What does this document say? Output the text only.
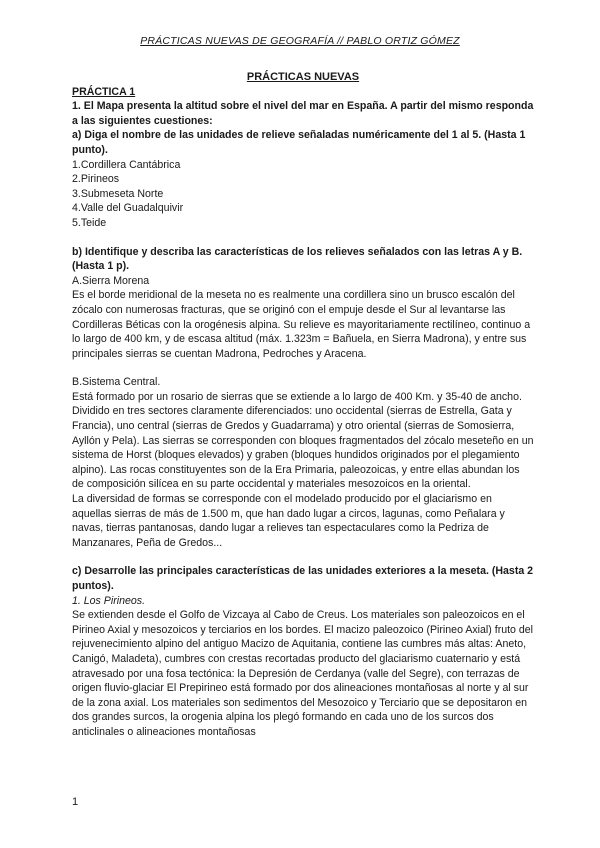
PRÁCTICAS NUEVAS DE GEOGRAFÍA // PABLO ORTIZ GÓMEZ

PRÁCTICAS NUEVAS

PRÁCTICA 1

1. El Mapa presenta la altitud sobre el nivel del mar en España. A partir del mismo responda a las siguientes cuestiones:

a) Diga el nombre de las unidades de relieve señaladas numéricamente del 1 al 5. (Hasta 1 punto).

1.Cordillera Cantábrica

2.Pirineos

3.Submeseta Norte

4.Valle del Guadalquivir

5.Teide

b) Identifique y describa las características de los relieves señalados con las letras A y B. (Hasta 1 p).

A.Sierra Morena

Es el borde meridional de la meseta no es realmente una cordillera sino un brusco escalón del zócalo con numerosas fracturas, que se originó con el empuje desde el Sur al levantarse las Cordilleras Béticas con la orogénesis alpina. Su relieve es mayoritariamente rectilíneo, continuo a lo largo de 400 km, y de escasa altitud (máx. 1.323m = Bañuela, en Sierra Madrona), y entre sus principales sierras se cuentan Madrona, Pedroches y Aracena.

B.Sistema Central.

Está formado por un rosario de sierras que se extiende a lo largo de 400 Km. y 35-40 de ancho. Dividido en tres sectores claramente diferenciados: uno occidental (sierras de Estrella, Gata y Francia), uno central (sierras de Gredos y Guadarrama) y otro oriental (sierras de Somosierra, Ayllón y Pela). Las sierras se corresponden con bloques fragmentados del zócalo meseteño en un sistema de Horst (bloques elevados) y graben (bloques hundidos originados por el plegamiento alpino). Las rocas constituyentes son de la Era Primaria, paleozoicas, y entre ellas abundan los de composición silícea en su parte occidental y materiales mesozoicos en la oriental.

La diversidad de formas se corresponde con el modelado producido por el glaciarismo en aquellas sierras de más de 1.500 m, que han dado lugar a circos, lagunas, como Peñalara y navas, tierras pantanosas, dando lugar a relieves tan espectaculares como la Pedriza de Manzanares, Peña de Gredos...

c) Desarrolle las principales características de las unidades exteriores a la meseta. (Hasta 2 puntos).

1. Los Pirineos.

Se extienden desde el Golfo de Vizcaya al Cabo de Creus. Los materiales son paleozoicos en el Pirineo Axial y mesozoicos y terciarios en los bordes. El macizo paleozoico (Pirineo Axial) fruto del rejuvenecimiento alpino del antiguo Macizo de Aquitania, contiene las cumbres más altas: Aneto, Canigó, Maladeta), cumbres con crestas recortadas producto del glaciarismo cuaternario y está atravesado por una fosa tectónica: la Depresión de Cerdanya (valle del Segre), con terrazas de origen fluvio-glaciar El Prepirineo está formado por dos alineaciones montañosas al norte y al sur de la zona axial. Los materiales son sedimentos del Mesozoico y Terciario que se depositaron en dos grandes surcos, la orogenia alpina los plegó formando en cada uno de los surcos dos anticlinales o alineaciones montañosas

1
